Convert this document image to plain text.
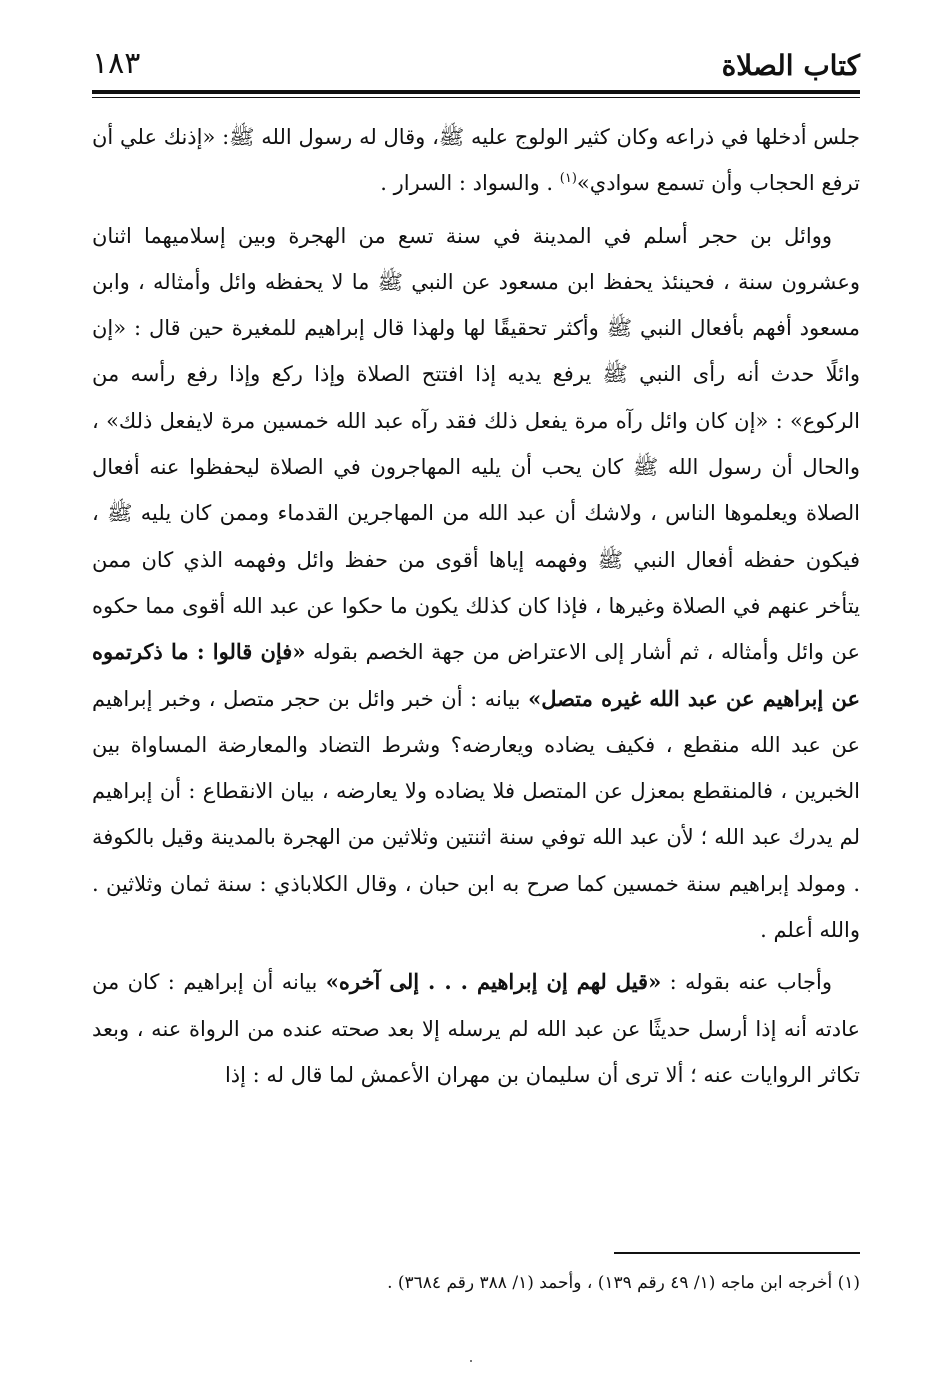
كتاب الصلاة
١٨٣

جلس أدخلها في ذراعه وكان كثير الولوج عليه ﷺ، وقال له رسول الله ﷺ: «إذنك علي أن ترفع الحجاب وأن تسمع سوادي»$^{(١)}$ . والسواد : السرار .

ووائل بن حجر أسلم في المدينة في سنة تسع من الهجرة وبين إسلاميهما اثنان وعشرون سنة ، فحينئذ يحفظ ابن مسعود عن النبي ﷺ ما لا يحفظه وائل وأمثاله ، وابن مسعود أفهم بأفعال النبي ﷺ وأكثر تحقيقًا لها ولهذا قال إبراهيم للمغيرة حين قال : «إن وائلًا حدث أنه رأى النبي ﷺ يرفع يديه إذا افتتح الصلاة وإذا ركع وإذا رفع رأسه من الركوع» : «إن كان وائل رآه مرة يفعل ذلك فقد رآه عبد الله خمسين مرة لايفعل ذلك» ، والحال أن رسول الله ﷺ كان يحب أن يليه المهاجرون في الصلاة ليحفظوا عنه أفعال الصلاة ويعلموها الناس ، ولاشك أن عبد الله من المهاجرين القدماء وممن كان يليه ﷺ ، فيكون حفظه أفعال النبي ﷺ وفهمه إياها أقوى من حفظ وائل وفهمه الذي كان ممن يتأخر عنهم في الصلاة وغيرها ، فإذا كان كذلك يكون ما حكوا عن عبد الله أقوى مما حكوه عن وائل وأمثاله ، ثم أشار إلى الاعتراض من جهة الخصم بقوله «فإن قالوا : ما ذكرتموه عن إبراهيم عن عبد الله غيره متصل» بيانه : أن خبر وائل بن حجر متصل ، وخبر إبراهيم عن عبد الله منقطع ، فكيف يضاده ويعارضه؟ وشرط التضاد والمعارضة المساواة بين الخبرين ، فالمنقطع بمعزل عن المتصل فلا يضاده ولا يعارضه ، بيان الانقطاع : أن إبراهيم لم يدرك عبد الله ؛ لأن عبد الله توفي سنة اثنتين وثلاثين من الهجرة بالمدينة وقيل بالكوفة . ومولد إبراهيم سنة خمسين كما صرح به ابن حبان ، وقال الكلاباذي : سنة ثمان وثلاثين . والله أعلم .

وأجاب عنه بقوله : «قيل لهم إن إبراهيم . . . إلى آخره» بيانه أن إبراهيم : كان من عادته أنه إذا أرسل حديثًا عن عبد الله لم يرسله إلا بعد صحته عنده من الرواة عنه ، وبعد تكاثر الروايات عنه ؛ ألا ترى أن سليمان بن مهران الأعمش لما قال له : إذا

(١) أخرجه ابن ماجه (١/ ٤٩ رقم ١٣٩) ، وأحمد (١/ ٣٨٨ رقم ٣٦٨٤) .
